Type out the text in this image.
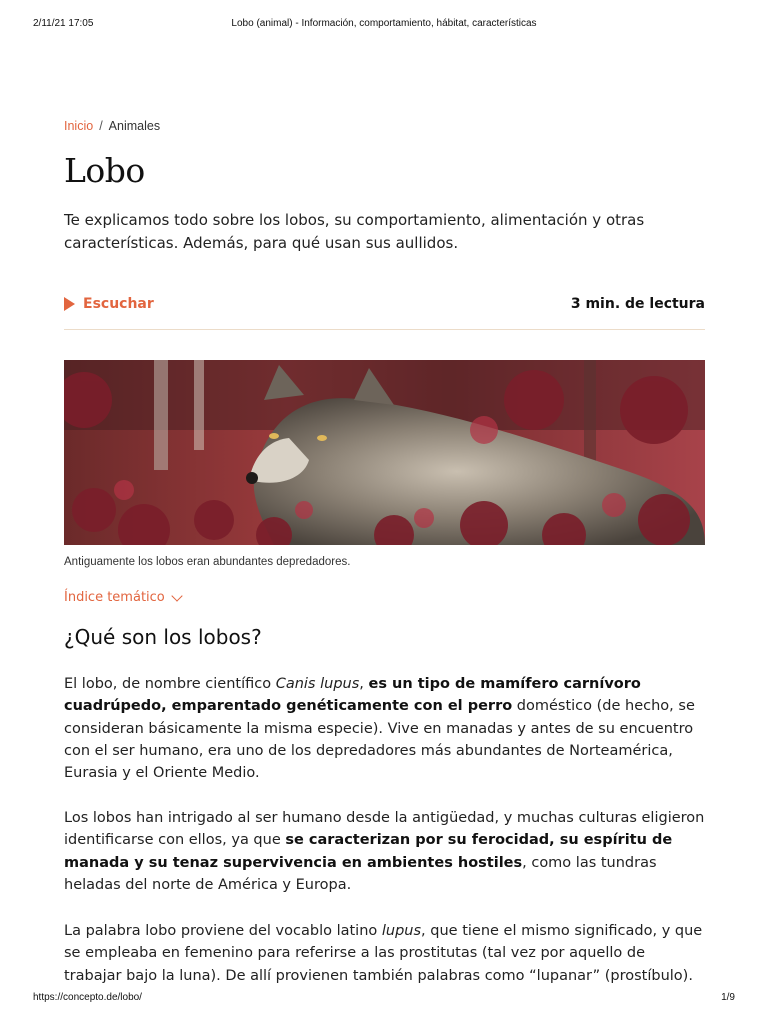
2/11/21 17:05	Lobo (animal) - Información, comportamiento, hábitat, características
Inicio / Animales
Lobo

Te explicamos todo sobre los lobos, su comportamiento, alimentación y otras características. Además, para qué usan sus aullidos.

Escuchar	3 min. de lectura
Antiguamente los lobos eran abundantes depredadores.
Índice temático
¿Qué son los lobos?

El lobo, de nombre científico Canis lupus, es un tipo de mamífero carnívoro cuadrúpedo, emparentado genéticamente con el perro doméstico (de hecho, se consideran básicamente la misma especie). Vive en manadas y antes de su encuentro con el ser humano, era uno de los depredadores más abundantes de Norteamérica, Eurasia y el Oriente Medio.

Los lobos han intrigado al ser humano desde la antigüedad, y muchas culturas eligieron identificarse con ellos, ya que se caracterizan por su ferocidad, su espíritu de manada y su tenaz supervivencia en ambientes hostiles, como las tundras heladas del norte de América y Europa.

La palabra lobo proviene del vocablo latino lupus, que tiene el mismo significado, y que se empleaba en femenino para referirse a las prostitutas (tal vez por aquello de trabajar bajo la luna). De allí provienen también palabras como “lupanar” (prostíbulo).

https://concepto.de/lobo/	1/9
